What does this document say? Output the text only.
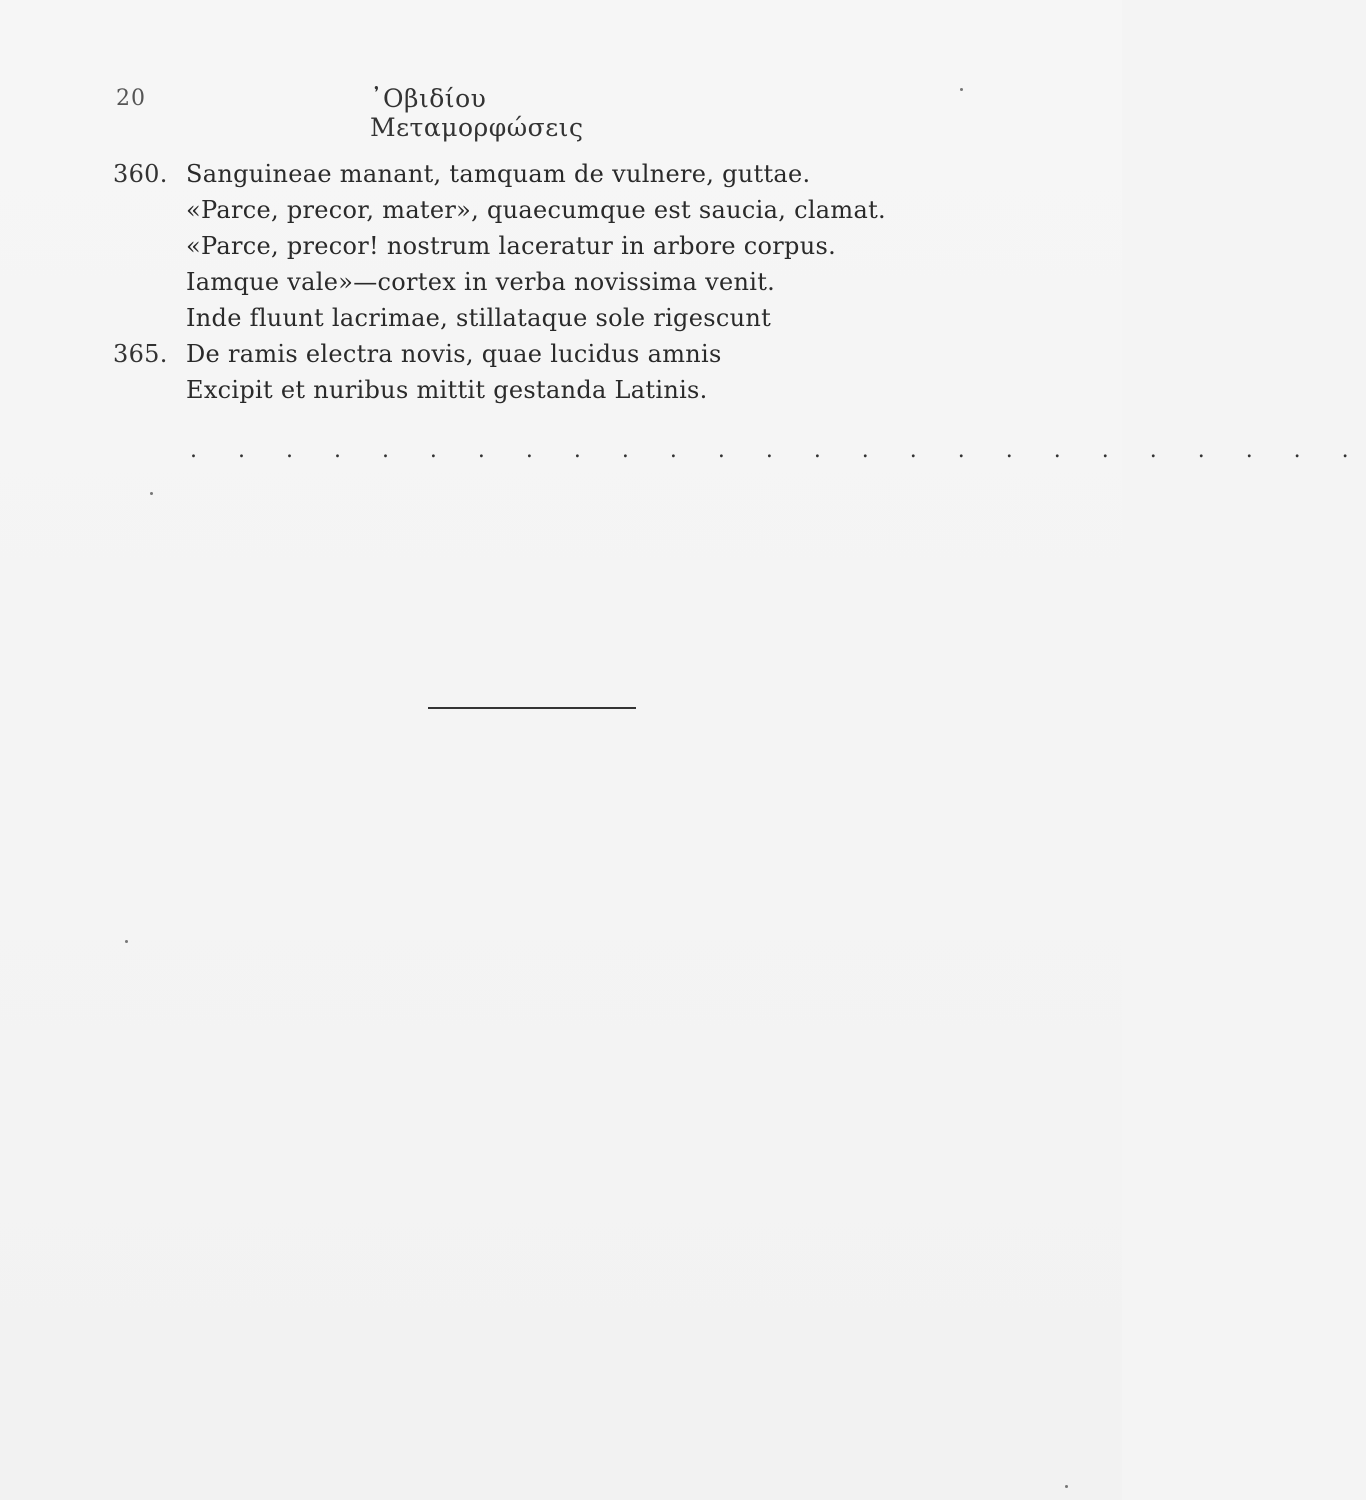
20	᾿Οβιδίου Μεταμορφώσεις
360. Sanguineae manant, tamquam de vulnere, guttae.
«Parce, precor, mater», quaecumque est saucia, clamat.
«Parce, precor! nostrum laceratur in arbore corpus.
Iamque vale»—cortex in verba novissima venit.
Inde fluunt lacrimae, stillataque sole rigescunt
365. De ramis electra novis, quae lucidus amnis
Excipit et nuribus mittit gestanda Latinis.
. . . . . . . . . . . . . . . . . . . . . . . . .
